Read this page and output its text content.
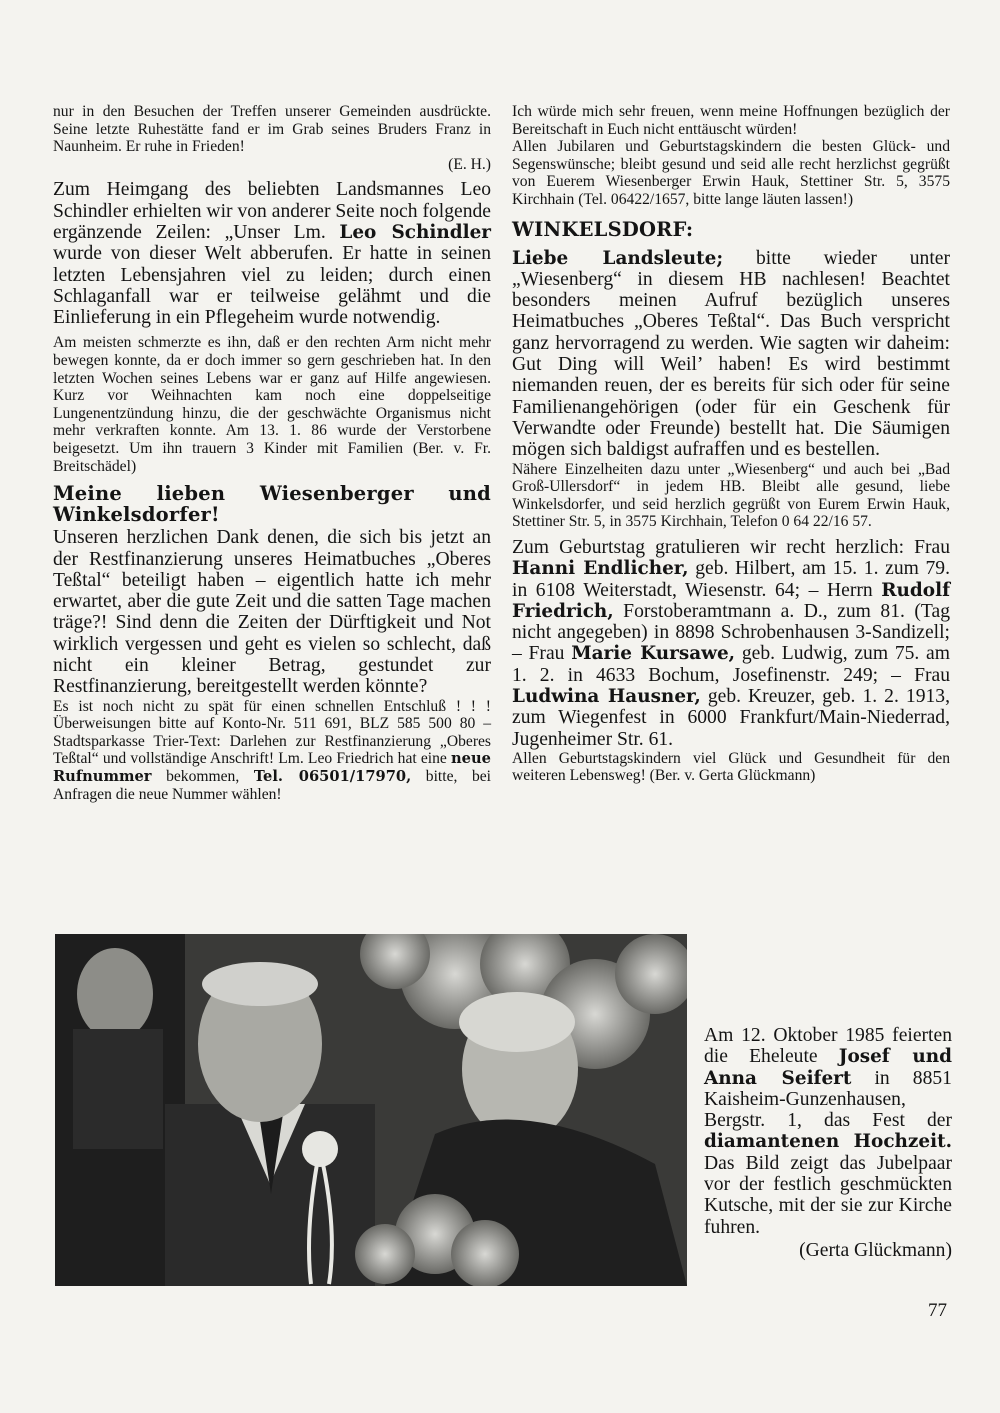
nur in den Besuchen der Treffen unserer Gemeinden ausdrückte. Seine letzte Ruhestätte fand er im Grab seines Bruders Franz in Naunheim. Er ruhe in Frieden!
(E. H.)

Zum Heimgang des beliebten Landsmannes Leo Schindler erhielten wir von anderer Seite noch folgende ergänzende Zeilen: „Unser Lm. Leo Schindler wurde von dieser Welt abberufen. Er hatte in seinen letzten Lebensjahren viel zu leiden; durch einen Schlaganfall war er teilweise gelähmt und die Einlieferung in ein Pflegeheim wurde notwendig.

Am meisten schmerzte es ihn, daß er den rechten Arm nicht mehr bewegen konnte, da er doch immer so gern geschrieben hat. In den letzten Wochen seines Lebens war er ganz auf Hilfe angewiesen. Kurz vor Weihnachten kam noch eine doppelseitige Lungenentzündung hinzu, die der geschwächte Organismus nicht mehr verkraften konnte. Am 13. 1. 86 wurde der Verstorbene beigesetzt. Um ihn trauern 3 Kinder mit Familien (Ber. v. Fr. Breitschädel)

Meine lieben Wiesenberger und Winkelsdorfer!

Unseren herzlichen Dank denen, die sich bis jetzt an der Restfinanzierung unseres Heimatbuches „Oberes Teßtal“ beteiligt haben – eigentlich hatte ich mehr erwartet, aber die gute Zeit und die satten Tage machen träge?! Sind denn die Zeiten der Dürftigkeit und Not wirklich vergessen und geht es vielen so schlecht, daß nicht ein kleiner Betrag, gestundet zur Restfinanzierung, bereitgestellt werden könnte?

Es ist noch nicht zu spät für einen schnellen Entschluß ! ! ! Überweisungen bitte auf Konto-Nr. 511 691, BLZ 585 500 80 – Stadtsparkasse Trier-Text: Darlehen zur Restfinanzierung „Oberes Teßtal“ und vollständige Anschrift! Lm. Leo Friedrich hat eine neue Rufnummer bekommen, Tel. 06501/17970, bitte, bei Anfragen die neue Nummer wählen!

Ich würde mich sehr freuen, wenn meine Hoffnungen bezüglich der Bereitschaft in Euch nicht enttäuscht würden!

Allen Jubilaren und Geburtstagskindern die besten Glück- und Segenswünsche; bleibt gesund und seid alle recht herzlichst gegrüßt von Euerem Wiesenberger Erwin Hauk, Stettiner Str. 5, 3575 Kirchhain (Tel. 06422/1657, bitte lange läuten lassen!)

WINKELSDORF:

Liebe Landsleute; bitte wieder unter „Wiesenberg“ in diesem HB nachlesen! Beachtet besonders meinen Aufruf bezüglich unseres Heimatbuches „Oberes Teßtal“. Das Buch verspricht ganz hervorragend zu werden. Wie sagten wir daheim: Gut Ding will Weil’ haben! Es wird bestimmt niemanden reuen, der es bereits für sich oder für seine Familienangehörigen (oder für ein Geschenk für Verwandte oder Freunde) bestellt hat. Die Säumigen mögen sich baldigst aufraffen und es bestellen.

Nähere Einzelheiten dazu unter „Wiesenberg“ und auch bei „Bad Groß-Ullersdorf“ in jedem HB. Bleibt alle gesund, liebe Winkelsdorfer, und seid herzlich gegrüßt von Eurem Erwin Hauk, Stettiner Str. 5, in 3575 Kirchhain, Telefon 0 64 22/16 57.

Zum Geburtstag gratulieren wir recht herzlich: Frau Hanni Endlicher, geb. Hilbert, am 15. 1. zum 79. in 6108 Weiterstadt, Wiesenstr. 64; – Herrn Rudolf Friedrich, Forstoberamtmann a. D., zum 81. (Tag nicht angegeben) in 8898 Schrobenhausen 3-Sandizell; – Frau Marie Kursawe, geb. Ludwig, zum 75. am 1. 2. in 4633 Bochum, Josefinenstr. 249; – Frau Ludwina Hausner, geb. Kreuzer, geb. 1. 2. 1913, zum Wiegenfest in 6000 Frankfurt/Main-Niederrad, Jugenheimer Str. 61.

Allen Geburtstagskindern viel Glück und Gesundheit für den weiteren Lebensweg! (Ber. v. Gerta Glückmann)

Am 12. Oktober 1985 feierten die Eheleute Josef und Anna Seifert in 8851 Kaisheim-Gunzenhausen, Bergstr. 1, das Fest der diamantenen Hochzeit. Das Bild zeigt das Jubelpaar vor der festlich geschmückten Kutsche, mit der sie zur Kirche fuhren.
(Gerta Glückmann)
77
